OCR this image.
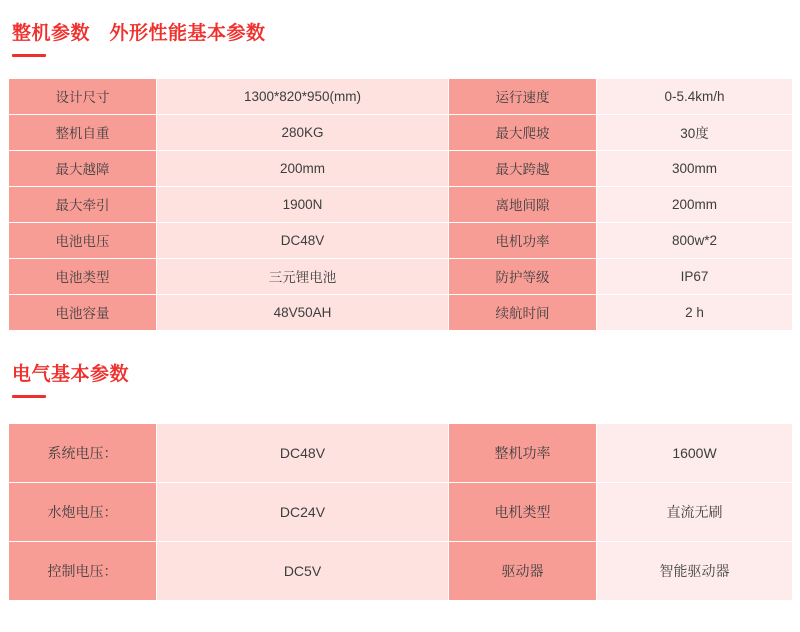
整机参数　外形性能基本参数
设计尺寸	1300*820*950(mm)	运行速度	0-5.4km/h
整机自重	280KG	最大爬坡	30度
最大越障	200mm	最大跨越	300mm
最大牵引	1900N	离地间隙	200mm
电池电压	DC48V	电机功率	800w*2
电池类型	三元锂电池	防护等级	IP67
电池容量	48V50AH	续航时间	2 h
电气基本参数
系统电压：	DC48V	整机功率	1600W
水炮电压：	DC24V	电机类型	直流无刷
控制电压：	DC5V	驱动器	智能驱动器
